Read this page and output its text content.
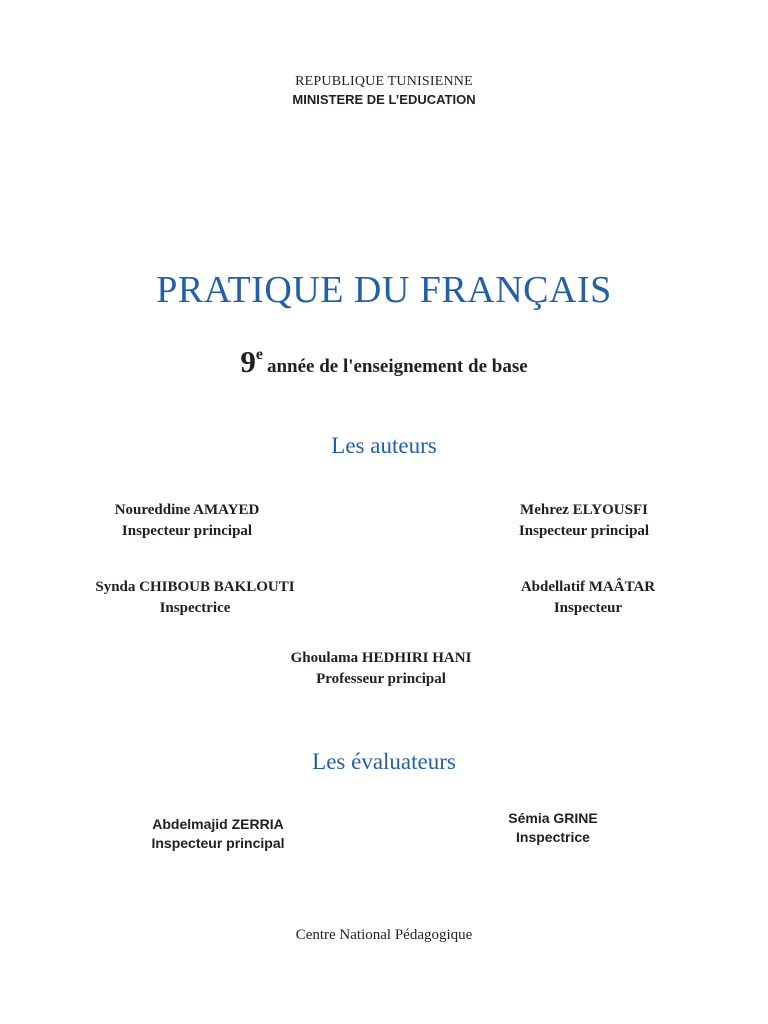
REPUBLIQUE TUNISIENNE
MINISTERE DE L’EDUCATION
PRATIQUE DU FRANÇAIS
9eannée de l'enseignement de base
Les auteurs
Noureddine AMAYED
Inspecteur principal
Mehrez ELYOUSFI
Inspecteur principal
Synda CHIBOUB BAKLOUTI
Inspectrice
Abdellatif MAÂTAR
Inspecteur
Ghoulama HEDHIRI HANI
Professeur principal
Les évaluateurs
Abdelmajid ZERRIA
Inspecteur principal
Sémia GRINE
Inspectrice
Centre National Pédagogique
